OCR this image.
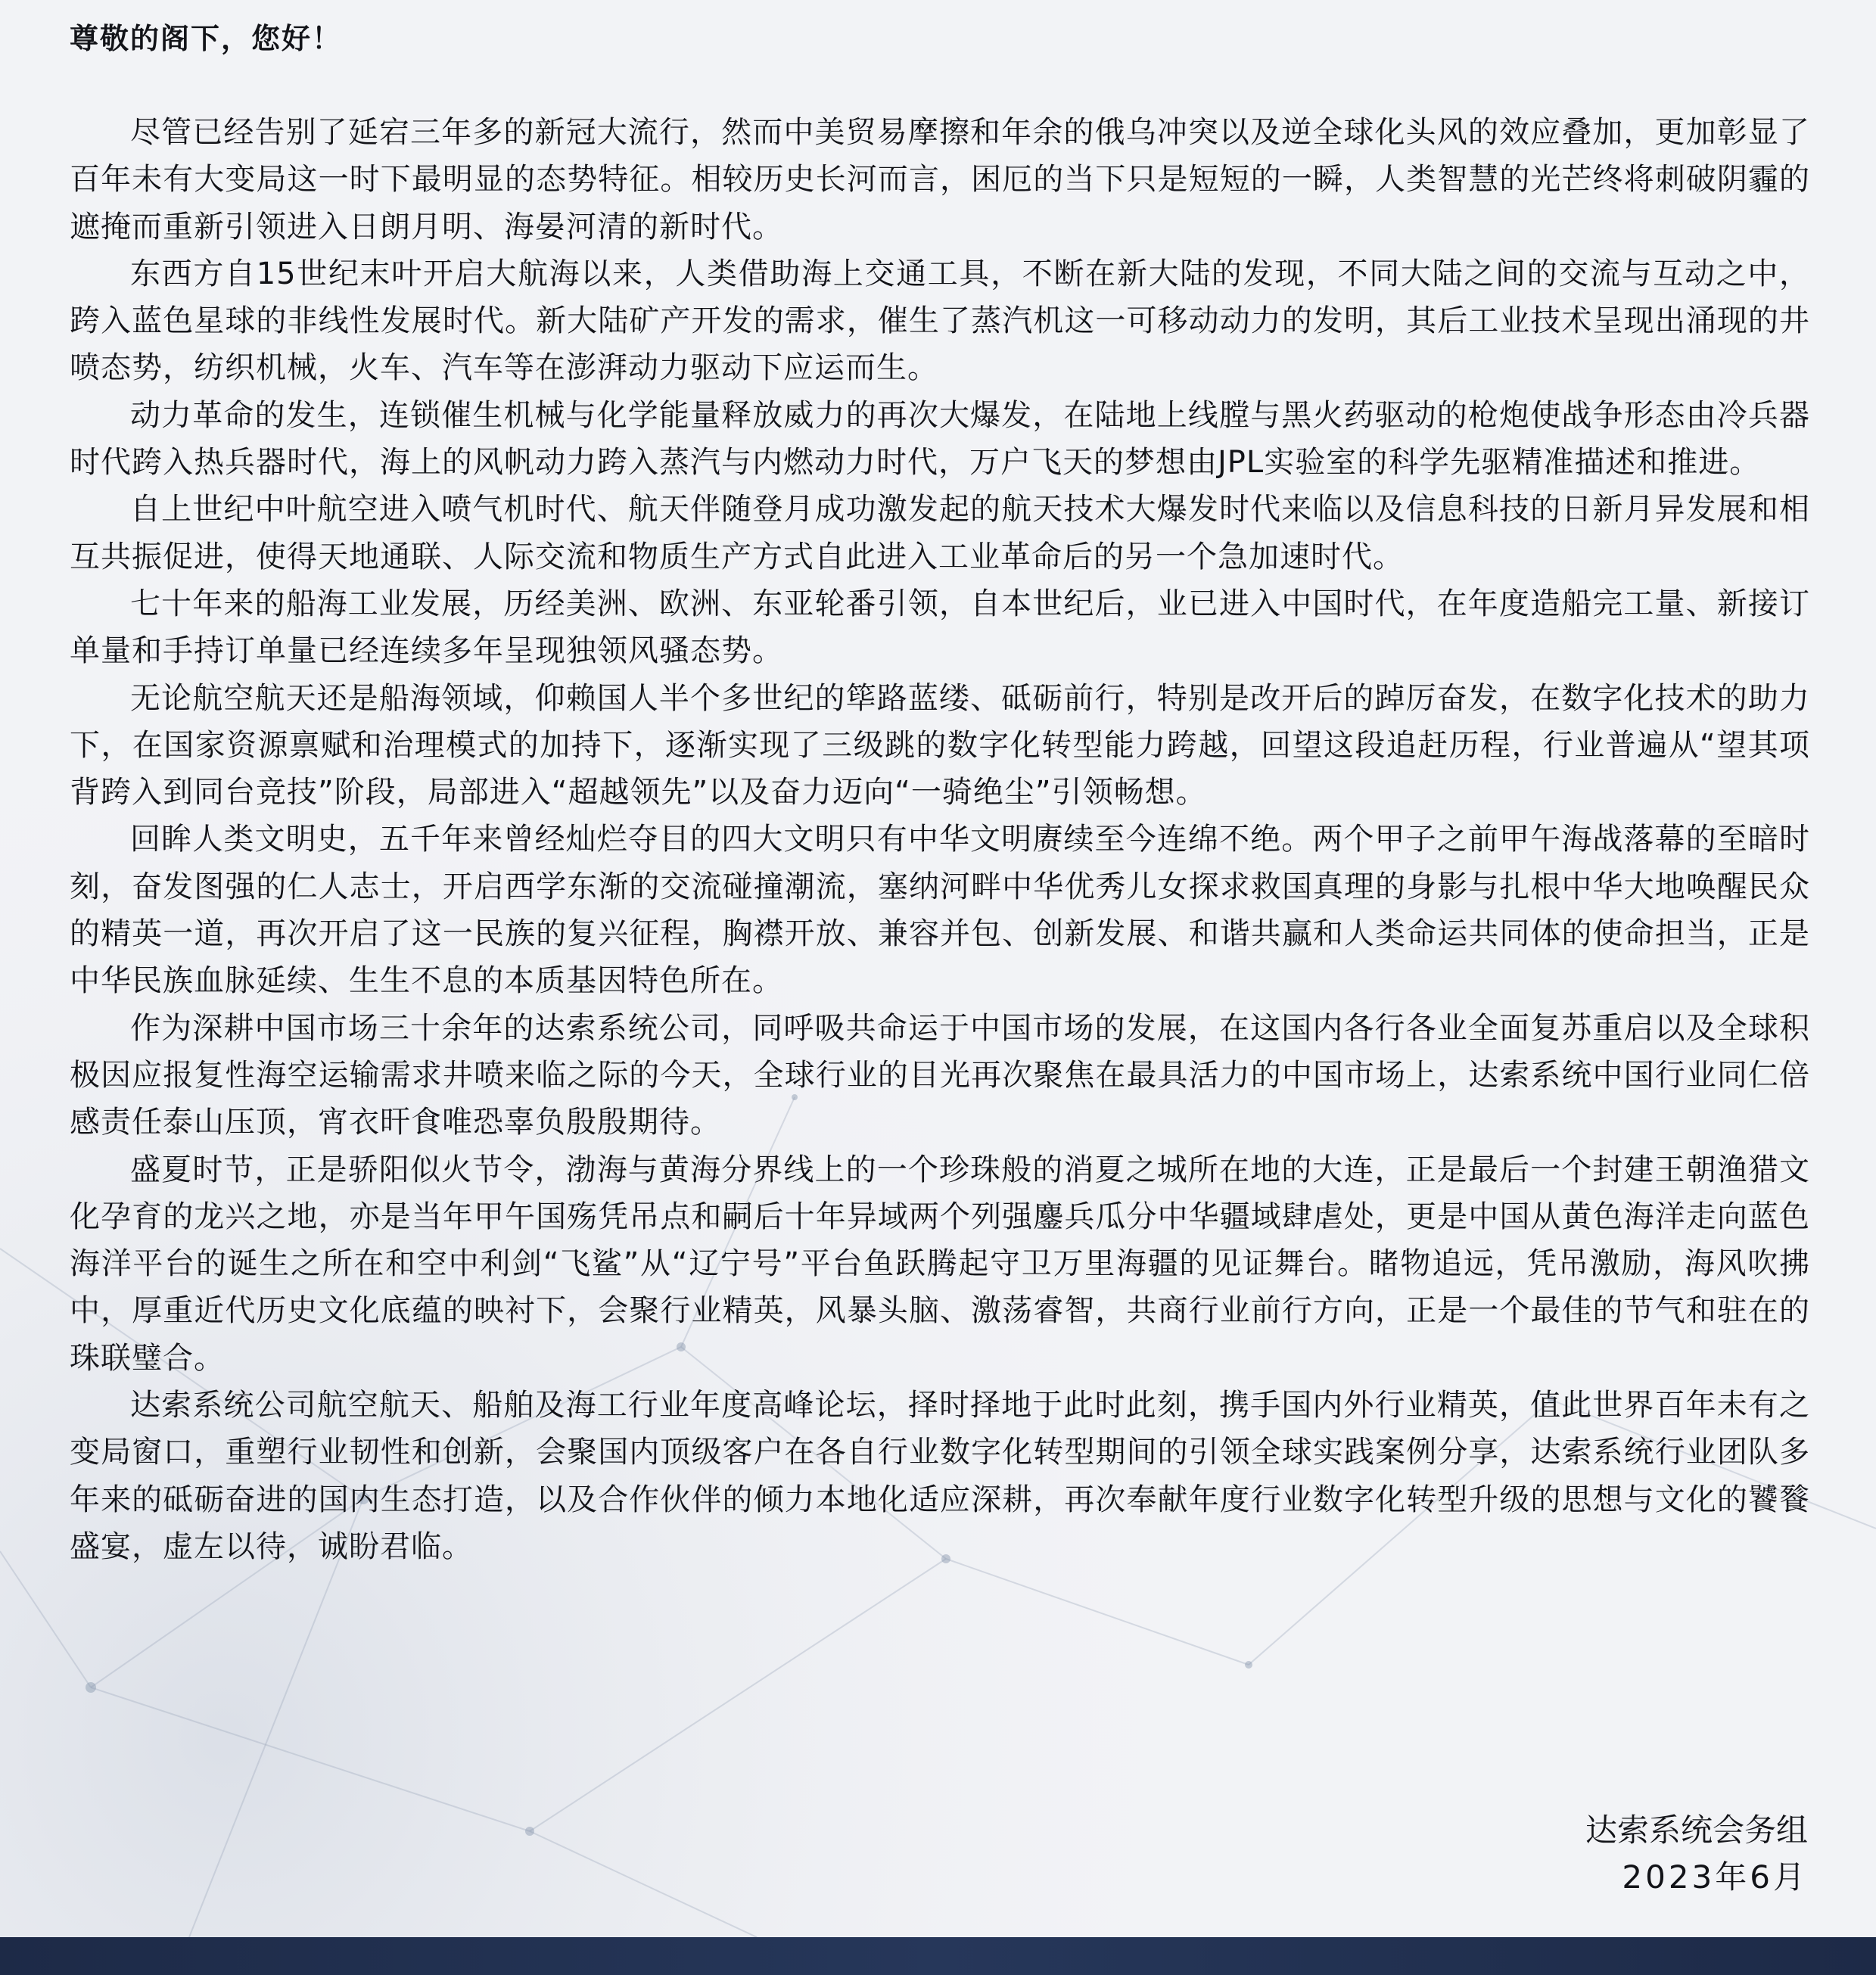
尊敬的阁下，您好！

尽管已经告别了延宕三年多的新冠大流行，然而中美贸易摩擦和年余的俄乌冲突以及逆全球化头风的效应叠加，更加彰显了百年未有大变局这一时下最明显的态势特征。相较历史长河而言，困厄的当下只是短短的一瞬，人类智慧的光芒终将刺破阴霾的遮掩而重新引领进入日朗月明、海晏河清的新时代。

东西方自15世纪末叶开启大航海以来，人类借助海上交通工具，不断在新大陆的发现，不同大陆之间的交流与互动之中，跨入蓝色星球的非线性发展时代。新大陆矿产开发的需求，催生了蒸汽机这一可移动动力的发明，其后工业技术呈现出涌现的井喷态势，纺织机械，火车、汽车等在澎湃动力驱动下应运而生。

动力革命的发生，连锁催生机械与化学能量释放威力的再次大爆发，在陆地上线膛与黑火药驱动的枪炮使战争形态由冷兵器时代跨入热兵器时代，海上的风帆动力跨入蒸汽与内燃动力时代，万户飞天的梦想由JPL实验室的科学先驱精准描述和推进。

自上世纪中叶航空进入喷气机时代、航天伴随登月成功激发起的航天技术大爆发时代来临以及信息科技的日新月异发展和相互共振促进，使得天地通联、人际交流和物质生产方式自此进入工业革命后的另一个急加速时代。

七十年来的船海工业发展，历经美洲、欧洲、东亚轮番引领，自本世纪后，业已进入中国时代，在年度造船完工量、新接订单量和手持订单量已经连续多年呈现独领风骚态势。

无论航空航天还是船海领域，仰赖国人半个多世纪的筚路蓝缕、砥砺前行，特别是改开后的踔厉奋发，在数字化技术的助力下，在国家资源禀赋和治理模式的加持下，逐渐实现了三级跳的数字化转型能力跨越，回望这段追赶历程，行业普遍从“望其项背跨入到同台竞技”阶段，局部进入“超越领先”以及奋力迈向“一骑绝尘”引领畅想。

回眸人类文明史，五千年来曾经灿烂夺目的四大文明只有中华文明赓续至今连绵不绝。两个甲子之前甲午海战落幕的至暗时刻，奋发图强的仁人志士，开启西学东渐的交流碰撞潮流，塞纳河畔中华优秀儿女探求救国真理的身影与扎根中华大地唤醒民众的精英一道，再次开启了这一民族的复兴征程，胸襟开放、兼容并包、创新发展、和谐共赢和人类命运共同体的使命担当，正是中华民族血脉延续、生生不息的本质基因特色所在。

作为深耕中国市场三十余年的达索系统公司，同呼吸共命运于中国市场的发展，在这国内各行各业全面复苏重启以及全球积极因应报复性海空运输需求井喷来临之际的今天，全球行业的目光再次聚焦在最具活力的中国市场上，达索系统中国行业同仁倍感责任泰山压顶，宵衣旰食唯恐辜负殷殷期待。

盛夏时节，正是骄阳似火节令，渤海与黄海分界线上的一个珍珠般的消夏之城所在地的大连，正是最后一个封建王朝渔猎文化孕育的龙兴之地，亦是当年甲午国殇凭吊点和嗣后十年异域两个列强鏖兵瓜分中华疆域肆虐处，更是中国从黄色海洋走向蓝色海洋平台的诞生之所在和空中利剑“飞鲨”从“辽宁号”平台鱼跃腾起守卫万里海疆的见证舞台。睹物追远，凭吊激励，海风吹拂中，厚重近代历史文化底蕴的映衬下，会聚行业精英，风暴头脑、激荡睿智，共商行业前行方向，正是一个最佳的节气和驻在的珠联璧合。

达索系统公司航空航天、船舶及海工行业年度高峰论坛，择时择地于此时此刻，携手国内外行业精英，值此世界百年未有之变局窗口，重塑行业韧性和创新，会聚国内顶级客户在各自行业数字化转型期间的引领全球实践案例分享，达索系统行业团队多年来的砥砺奋进的国内生态打造，以及合作伙伴的倾力本地化适应深耕，再次奉献年度行业数字化转型升级的思想与文化的饕餮盛宴，虚左以待，诚盼君临。

达索系统会务组
2023年6月
